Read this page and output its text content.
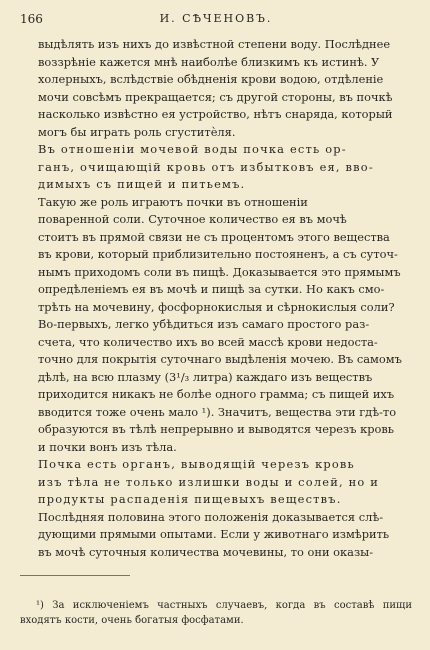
166	И. СѢЧЕНОВЪ.

выдѣлять изъ нихъ до извѣстной степени воду. Послѣднее
воззрѣніе кажется мнѣ наиболѣе близкимъ къ истинѣ. У
холерныхъ, вслѣдствіе обѣдненія крови водою, отдѣленіе
мочи совсѣмъ прекращается; съ другой стороны, въ почкѣ
насколько извѣстно ея устройство, нѣтъ снаряда, который
могъ бы играть роль сгуститèля.

Въ отношеніи мочевой воды почка есть ор-
ганъ, очищающій кровь отъ избытковъ ея, вво-
димыхъ съ пищей и питьемъ.

Такую же роль играютъ почки въ отношеніи
поваренной соли. Суточное количество ея въ мочѣ
стоитъ въ прямой связи не съ процентомъ этого вещества
въ крови, который приблизительно постояненъ, а съ суточ-
нымъ приходомъ соли въ пищѣ. Доказывается это прямымъ
опредѣленіемъ ея въ мочѣ и пищѣ за сутки. Но какъ смо-
трѣть на мочевину, фосфорнокислыя и сѣрнокислыя соли?

Во-первыхъ, легко убѣдиться изъ самаго простого раз-
счета, что количество ихъ во всей массѣ крови недоста-
точно для покрытія суточнаго выдѣленія мочею. Въ самомъ
дѣлѣ, на всю плазму (3¹/₃ литра) каждаго изъ веществъ
приходится никакъ не болѣе одного грамма; съ пищей ихъ
вводится тоже очень мало ¹). Значитъ, вещества эти гдѣ-то
образуются въ тѣлѣ непрерывно и выводятся черезъ кровь
и почки вонъ изъ тѣла.

Почка есть органъ, выводящій черезъ кровь
изъ тѣла не только излишки воды и солей, но и
продукты распаденія пищевыхъ веществъ.

Послѣдняя половина этого положенія доказывается слѣ-
дующими прямыми опытами. Если у животнаго измѣрить
въ мочѣ суточныя количества мочевины, то они оказы-

¹) За исключеніемъ частныхъ случаевъ, когда въ составѣ пищи входятъ кости, очень богатыя фосфатами.
